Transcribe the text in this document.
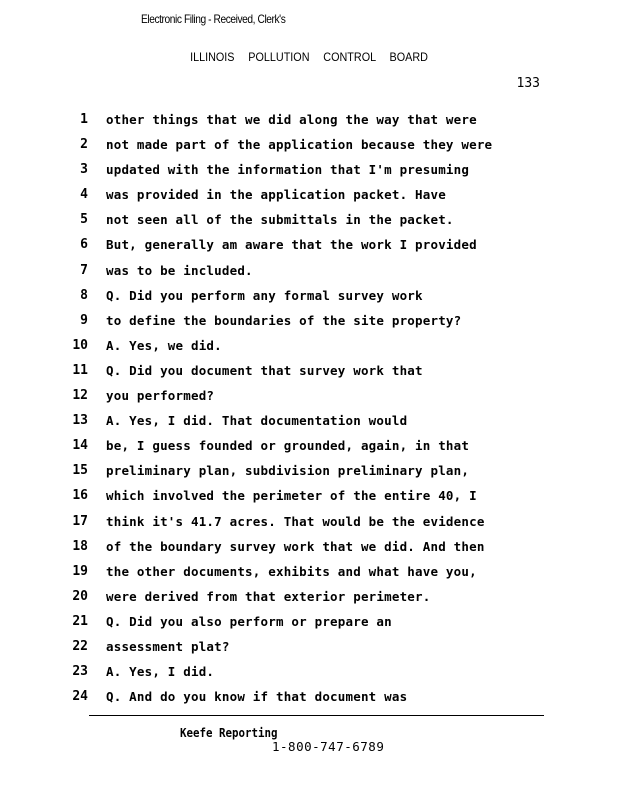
Electronic Filing - Received, Clerk's
ILLINOIS POLLUTION CONTROL BOARD
133
1 other things that we did along the way that were
2 not made part of the application because they were
3 updated with the information that I'm presuming
4 was provided in the application packet. Have
5 not seen all of the submittals in the packet.
6 But, generally am aware that the work I provided
7 was to be included.
8 Q. Did you perform any formal survey work
9 to define the boundaries of the site property?
10 A. Yes, we did.
11 Q. Did you document that survey work that
12 you performed?
13 A. Yes, I did. That documentation would
14 be, I guess founded or grounded, again, in that
15 preliminary plan, subdivision preliminary plan,
16 which involved the perimeter of the entire 40, I
17 think it's 41.7 acres. That would be the evidence
18 of the boundary survey work that we did. And then
19 the other documents, exhibits and what have you,
20 were derived from that exterior perimeter.
21 Q. Did you also perform or prepare an
22 assessment plat?
23 A. Yes, I did.
24 Q. And do you know if that document was
Keefe Reporting
1-800-747-6789
